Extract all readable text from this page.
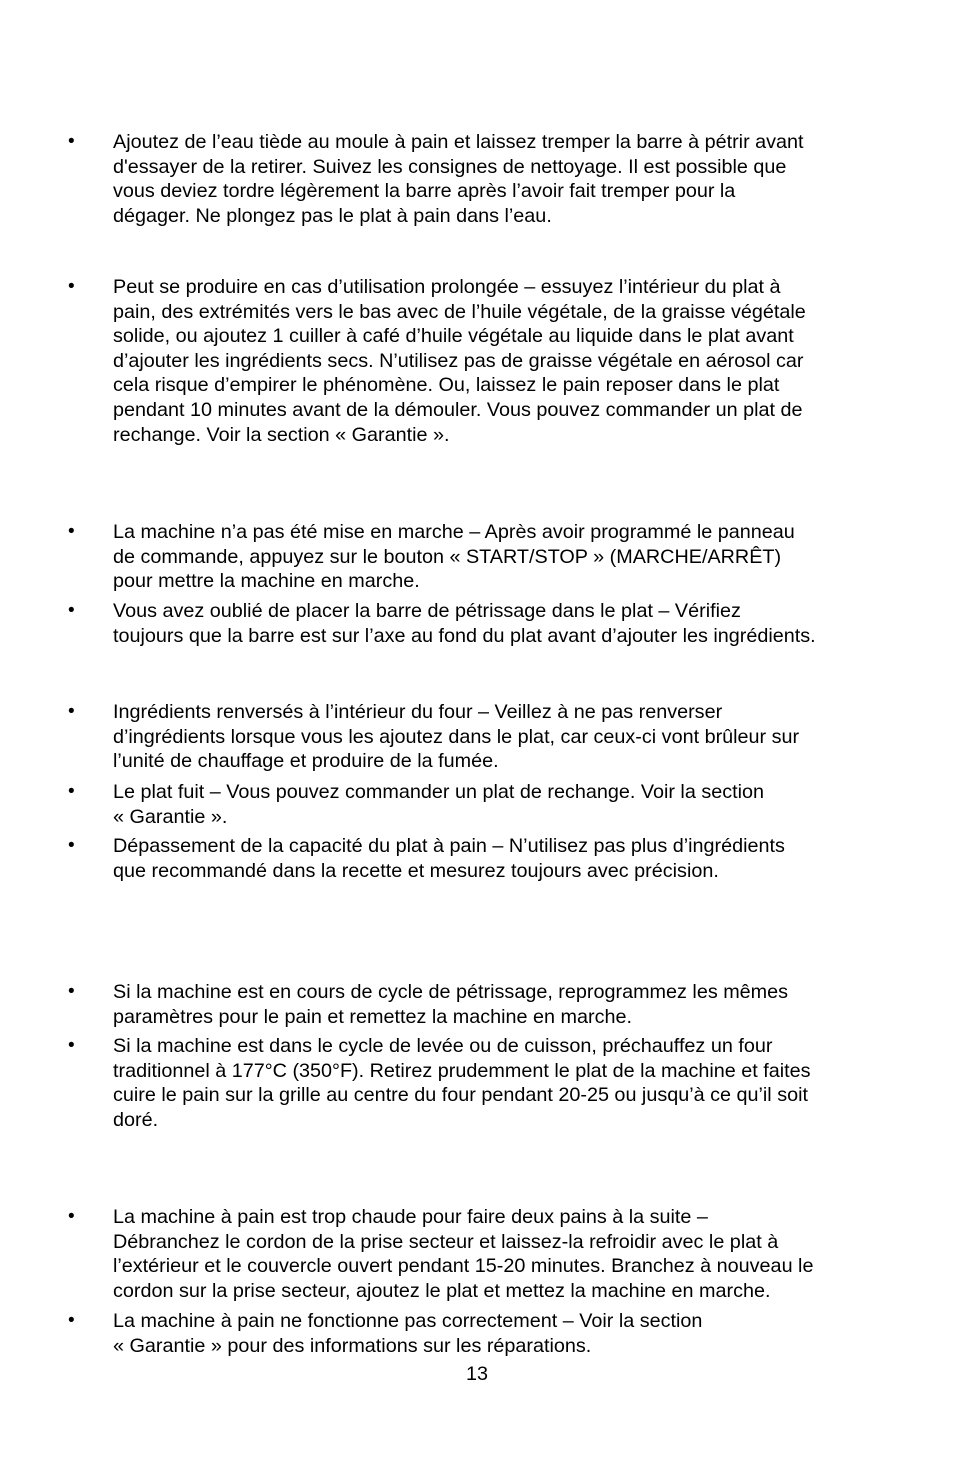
• Ajoutez de l’eau tiède au moule à pain et laissez tremper la barre à pétrir avant
d'essayer de la retirer. Suivez les consignes de nettoyage. Il est possible que
vous deviez tordre légèrement la barre après l’avoir fait tremper pour la
dégager. Ne plongez pas le plat à pain dans l’eau.
• Peut se produire en cas d’utilisation prolongée – essuyez l’intérieur du plat à
pain, des extrémités vers le bas avec de l’huile végétale, de la graisse végétale
solide, ou ajoutez 1 cuiller à café d’huile végétale au liquide dans le plat avant
d’ajouter les ingrédients secs. N’utilisez pas de graisse végétale en aérosol car
cela risque d’empirer le phénomène. Ou, laissez le pain reposer dans le plat
pendant 10 minutes avant de la démouler. Vous pouvez commander un plat de
rechange. Voir la section « Garantie ».
• La machine n’a pas été mise en marche – Après avoir programmé le panneau
de commande, appuyez sur le bouton « START/STOP » (MARCHE/ARRÊT)
pour mettre la machine en marche.
• Vous avez oublié de placer la barre de pétrissage dans le plat – Vérifiez
toujours que la barre est sur l’axe au fond du plat avant d’ajouter les ingrédients.
• Ingrédients renversés à l’intérieur du four – Veillez à ne pas renverser
d’ingrédients lorsque vous les ajoutez dans le plat, car ceux-ci vont brûleur sur
l’unité de chauffage et produire de la fumée.
• Le plat fuit – Vous pouvez commander un plat de rechange. Voir la section
« Garantie ».
• Dépassement de la capacité du plat à pain – N’utilisez pas plus d’ingrédients
que recommandé dans la recette et mesurez toujours avec précision.
• Si la machine est en cours de cycle de pétrissage, reprogrammez les mêmes
paramètres pour le pain et remettez la machine en marche.
• Si la machine est dans le cycle de levée ou de cuisson, préchauffez un four
traditionnel à 177°C (350°F). Retirez prudemment le plat de la machine et faites
cuire le pain sur la grille au centre du four pendant 20-25 ou jusqu’à ce qu’il soit
doré.
• La machine à pain est trop chaude pour faire deux pains à la suite –
Débranchez le cordon de la prise secteur et laissez-la refroidir avec le plat à
l’extérieur et le couvercle ouvert pendant 15-20 minutes. Branchez à nouveau le
cordon sur la prise secteur, ajoutez le plat et mettez la machine en marche.
• La machine à pain ne fonctionne pas correctement – Voir la section
« Garantie » pour des informations sur les réparations.
13
